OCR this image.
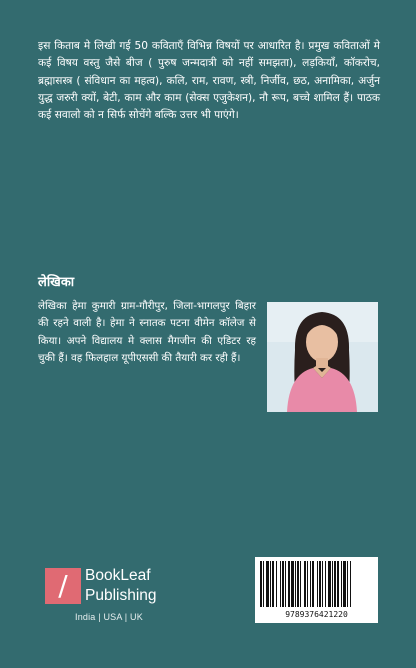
इस किताब मे लिखी गई 50 कविताएँ विभिन्न विषयों पर आधारित है। प्रमुख कविताओं मे कई विषय वस्तु जैसे बीज ( पुरुष जन्मदात्री को नहीं समझता), लड़कियाँ, कॉकरोच, ब्रह्मासस्त्र ( संविधान का महत्व), कलि, राम, रावण, स्त्री, निर्जीव, छठ, अनामिका, अर्जुन युद्ध जरुरी क्यों, बेटी, काम और काम (सेक्स एजुकेशन), नौ रूप, बच्चे शामिल हैं। पाठक कई सवालो को न सिर्फ सोचेंगे बल्कि उत्तर भी पाएंगे।
लेखिका
लेखिका हेमा कुमारी ग्राम-गौरीपुर, जिला-भागलपुर बिहार की रहने वाली है। हेमा ने स्नातक पटना वीमेन कॉलेज से किया। अपने विद्यालय मे क्लास मैगजीन की एडिटर रह चुकी हैं। वह फिलहाल यूपीएससी की तैयारी कर रही हैं।
/	BookLeaf
Publishing
India | USA | UK	9789376421220
